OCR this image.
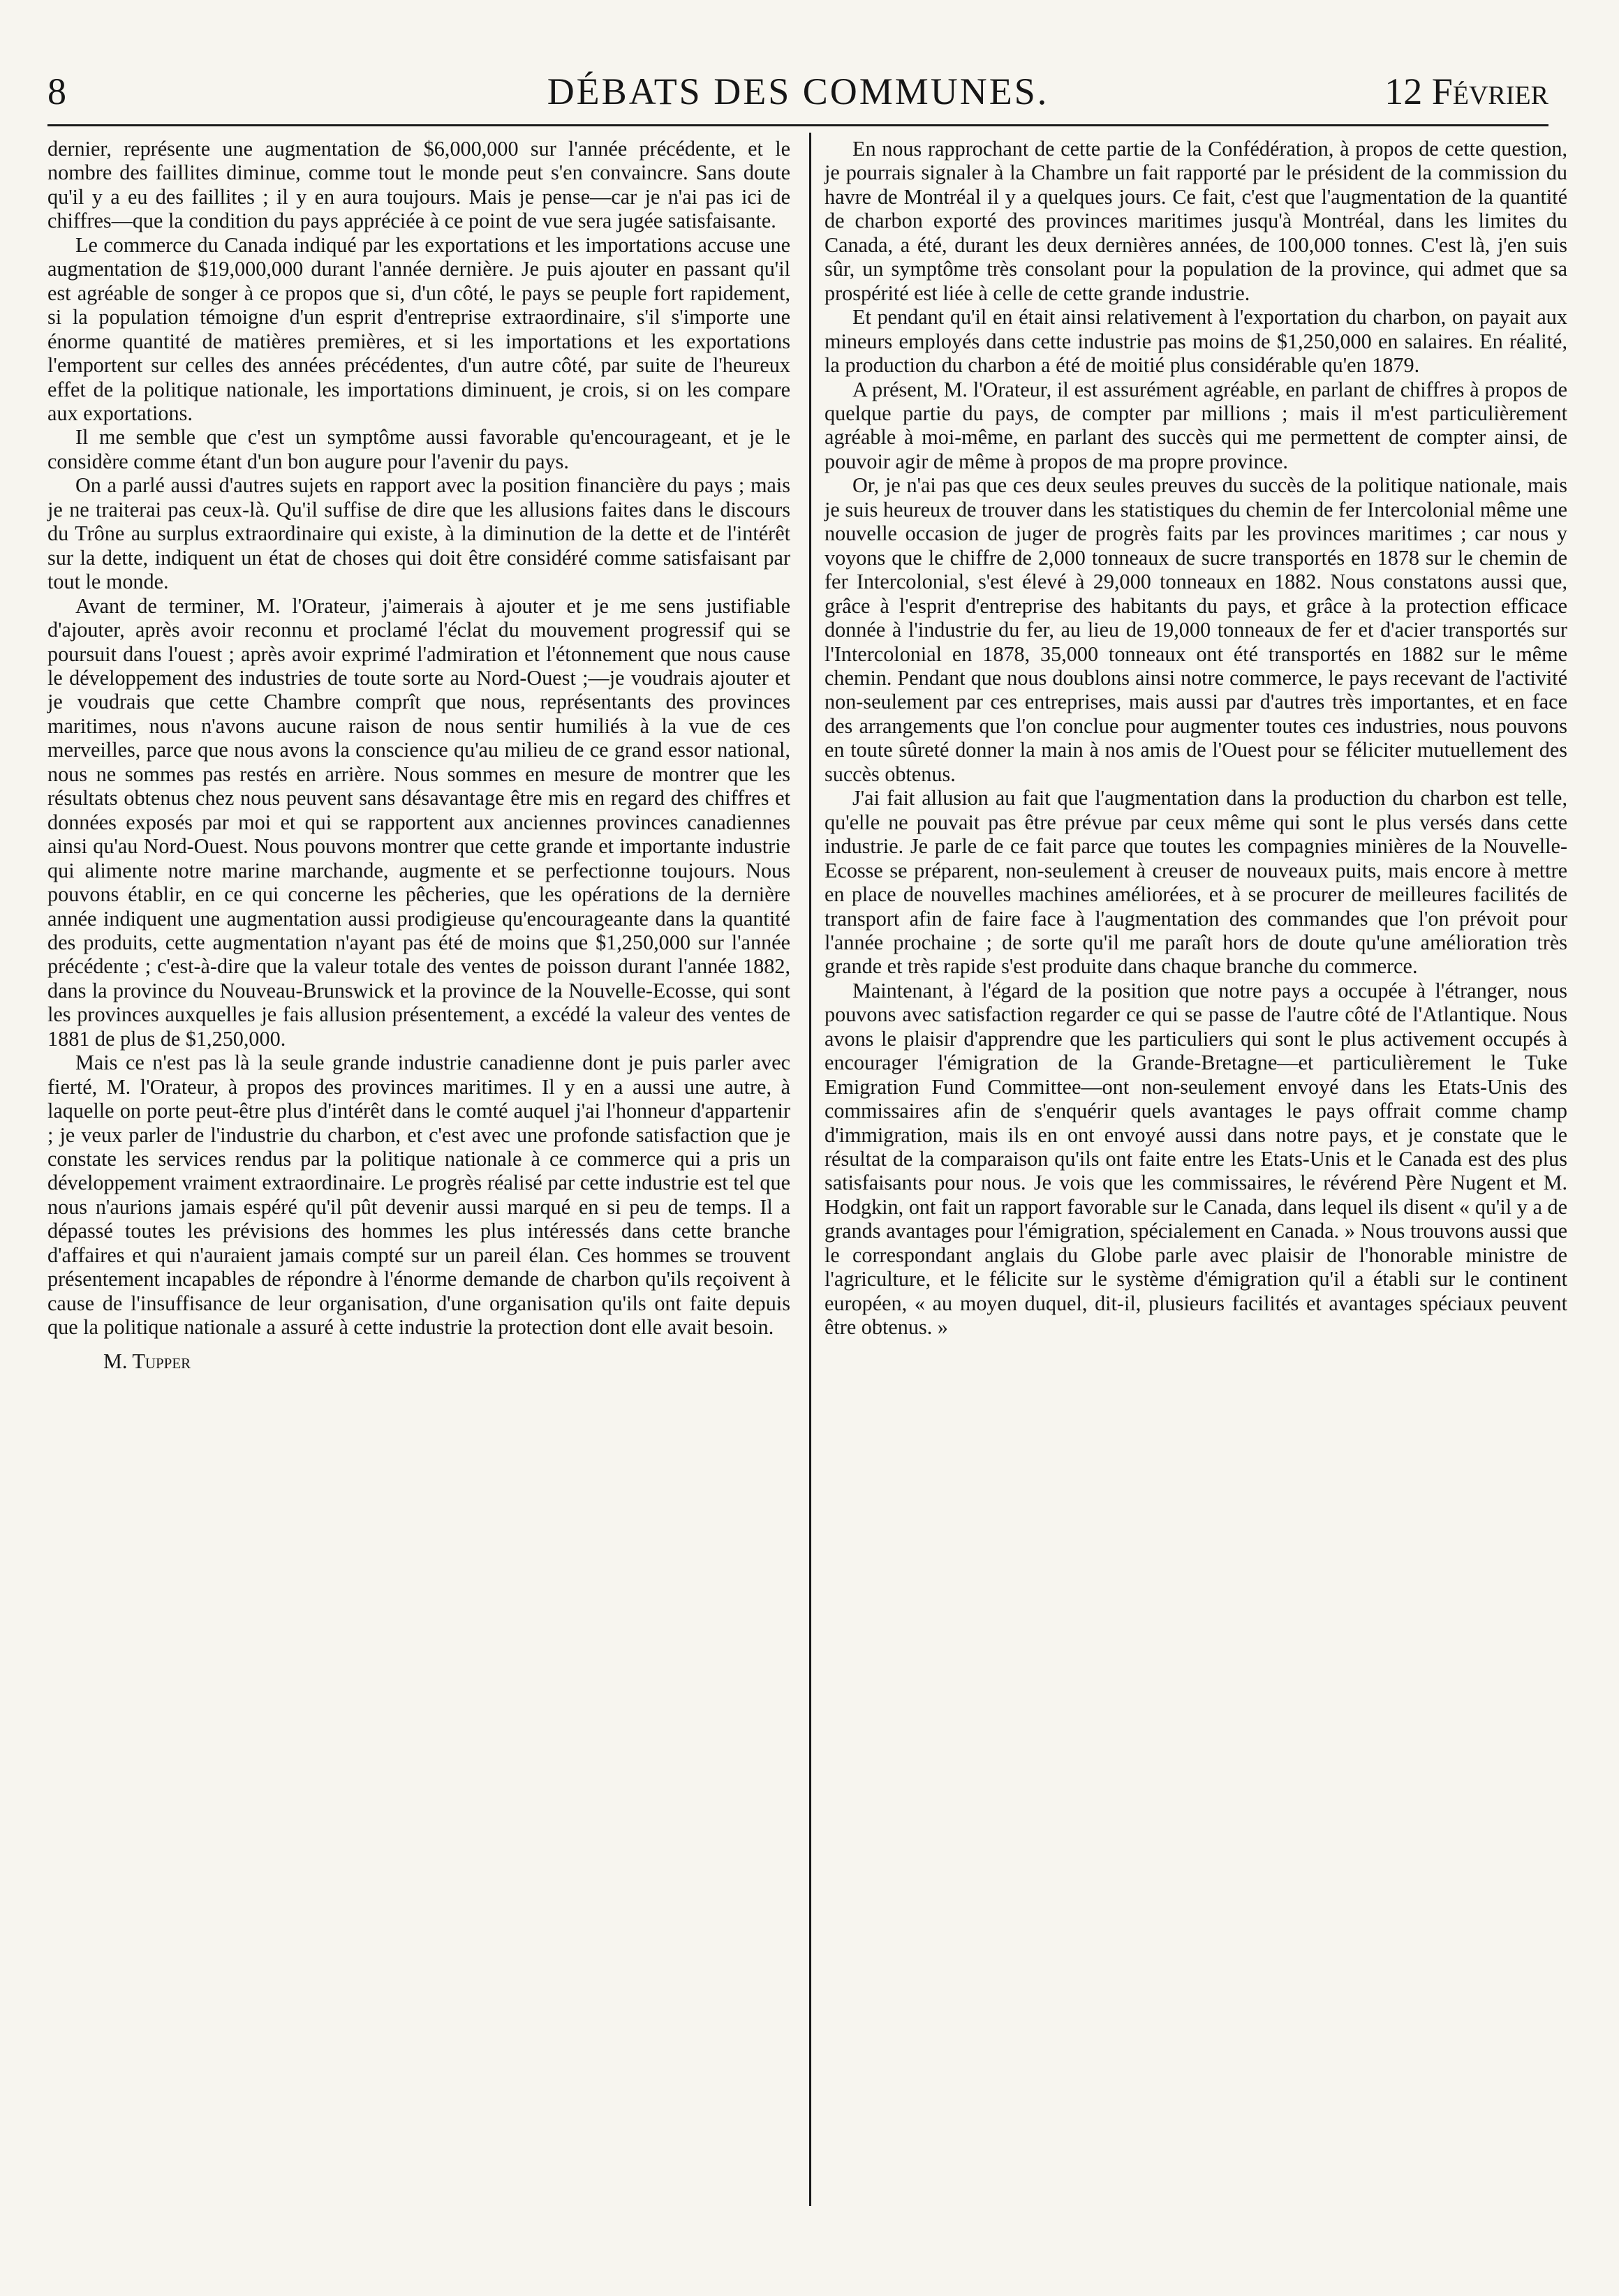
8	DÉBATS DES COMMUNES.	12 Février

dernier, représente une augmentation de $6,000,000 sur l'année précédente, et le nombre des faillites diminue, comme tout le monde peut s'en convaincre. Sans doute qu'il y a eu des faillites ; il y en aura toujours. Mais je pense—car je n'ai pas ici de chiffres—que la condition du pays appréciée à ce point de vue sera jugée satisfaisante.

Le commerce du Canada indiqué par les exportations et les importations accuse une augmentation de $19,000,000 durant l'année dernière. Je puis ajouter en passant qu'il est agréable de songer à ce propos que si, d'un côté, le pays se peuple fort rapidement, si la population témoigne d'un esprit d'entreprise extraordinaire, s'il s'importe une énorme quantité de matières premières, et si les importations et les exportations l'emportent sur celles des années précédentes, d'un autre côté, par suite de l'heureux effet de la politique nationale, les importations diminuent, je crois, si on les compare aux exportations.

Il me semble que c'est un symptôme aussi favorable qu'encourageant, et je le considère comme étant d'un bon augure pour l'avenir du pays.

On a parlé aussi d'autres sujets en rapport avec la position financière du pays ; mais je ne traiterai pas ceux-là. Qu'il suffise de dire que les allusions faites dans le discours du Trône au surplus extraordinaire qui existe, à la diminution de la dette et de l'intérêt sur la dette, indiquent un état de choses qui doit être considéré comme satisfaisant par tout le monde.

Avant de terminer, M. l'Orateur, j'aimerais à ajouter et je me sens justifiable d'ajouter, après avoir reconnu et proclamé l'éclat du mouvement progressif qui se poursuit dans l'ouest ; après avoir exprimé l'admiration et l'étonnement que nous cause le développement des industries de toute sorte au Nord-Ouest ;—je voudrais ajouter et je voudrais que cette Chambre comprît que nous, représentants des provinces maritimes, nous n'avons aucune raison de nous sentir humiliés à la vue de ces merveilles, parce que nous avons la conscience qu'au milieu de ce grand essor national, nous ne sommes pas restés en arrière. Nous sommes en mesure de montrer que les résultats obtenus chez nous peuvent sans désavantage être mis en regard des chiffres et données exposés par moi et qui se rapportent aux anciennes provinces canadiennes ainsi qu'au Nord-Ouest. Nous pouvons montrer que cette grande et importante industrie qui alimente notre marine marchande, augmente et se perfectionne toujours. Nous pouvons établir, en ce qui concerne les pêcheries, que les opérations de la dernière année indiquent une augmentation aussi prodigieuse qu'encourageante dans la quantité des produits, cette augmentation n'ayant pas été de moins que $1,250,000 sur l'année précédente ; c'est-à-dire que la valeur totale des ventes de poisson durant l'année 1882, dans la province du Nouveau-Brunswick et la province de la Nouvelle-Ecosse, qui sont les provinces auxquelles je fais allusion présentement, a excédé la valeur des ventes de 1881 de plus de $1,250,000.

Mais ce n'est pas là la seule grande industrie canadienne dont je puis parler avec fierté, M. l'Orateur, à propos des provinces maritimes. Il y en a aussi une autre, à laquelle on porte peut-être plus d'intérêt dans le comté auquel j'ai l'honneur d'appartenir ; je veux parler de l'industrie du charbon, et c'est avec une profonde satisfaction que je constate les services rendus par la politique nationale à ce commerce qui a pris un développement vraiment extraordinaire. Le progrès réalisé par cette industrie est tel que nous n'aurions jamais espéré qu'il pût devenir aussi marqué en si peu de temps. Il a dépassé toutes les prévisions des hommes les plus intéressés dans cette branche d'affaires et qui n'auraient jamais compté sur un pareil élan. Ces hommes se trouvent présentement incapables de répondre à l'énorme demande de charbon qu'ils reçoivent à cause de l'insuffisance de leur organisation, d'une organisation qu'ils ont faite depuis que la politique nationale a assuré à cette industrie la protection dont elle avait besoin.

M. Tupper

En nous rapprochant de cette partie de la Confédération, à propos de cette question, je pourrais signaler à la Chambre un fait rapporté par le président de la commission du havre de Montréal il y a quelques jours. Ce fait, c'est que l'augmentation de la quantité de charbon exporté des provinces maritimes jusqu'à Montréal, dans les limites du Canada, a été, durant les deux dernières années, de 100,000 tonnes. C'est là, j'en suis sûr, un symptôme très consolant pour la population de la province, qui admet que sa prospérité est liée à celle de cette grande industrie.

Et pendant qu'il en était ainsi relativement à l'exportation du charbon, on payait aux mineurs employés dans cette industrie pas moins de $1,250,000 en salaires. En réalité, la production du charbon a été de moitié plus considérable qu'en 1879.

A présent, M. l'Orateur, il est assurément agréable, en parlant de chiffres à propos de quelque partie du pays, de compter par millions ; mais il m'est particulièrement agréable à moi-même, en parlant des succès qui me permettent de compter ainsi, de pouvoir agir de même à propos de ma propre province.

Or, je n'ai pas que ces deux seules preuves du succès de la politique nationale, mais je suis heureux de trouver dans les statistiques du chemin de fer Intercolonial même une nouvelle occasion de juger de progrès faits par les provinces maritimes ; car nous y voyons que le chiffre de 2,000 tonneaux de sucre transportés en 1878 sur le chemin de fer Intercolonial, s'est élevé à 29,000 tonneaux en 1882. Nous constatons aussi que, grâce à l'esprit d'entreprise des habitants du pays, et grâce à la protection efficace donnée à l'industrie du fer, au lieu de 19,000 tonneaux de fer et d'acier transportés sur l'Intercolonial en 1878, 35,000 tonneaux ont été transportés en 1882 sur le même chemin. Pendant que nous doublons ainsi notre commerce, le pays recevant de l'activité non-seulement par ces entreprises, mais aussi par d'autres très importantes, et en face des arrangements que l'on conclue pour augmenter toutes ces industries, nous pouvons en toute sûreté donner la main à nos amis de l'Ouest pour se féliciter mutuellement des succès obtenus.

J'ai fait allusion au fait que l'augmentation dans la production du charbon est telle, qu'elle ne pouvait pas être prévue par ceux même qui sont le plus versés dans cette industrie. Je parle de ce fait parce que toutes les compagnies minières de la Nouvelle-Ecosse se préparent, non-seulement à creuser de nouveaux puits, mais encore à mettre en place de nouvelles machines améliorées, et à se procurer de meilleures facilités de transport afin de faire face à l'augmentation des commandes que l'on prévoit pour l'année prochaine ; de sorte qu'il me paraît hors de doute qu'une amélioration très grande et très rapide s'est produite dans chaque branche du commerce.

Maintenant, à l'égard de la position que notre pays a occupée à l'étranger, nous pouvons avec satisfaction regarder ce qui se passe de l'autre côté de l'Atlantique. Nous avons le plaisir d'apprendre que les particuliers qui sont le plus activement occupés à encourager l'émigration de la Grande-Bretagne—et particulièrement le Tuke Emigration Fund Committee—ont non-seulement envoyé dans les Etats-Unis des commissaires afin de s'enquérir quels avantages le pays offrait comme champ d'immigration, mais ils en ont envoyé aussi dans notre pays, et je constate que le résultat de la comparaison qu'ils ont faite entre les Etats-Unis et le Canada est des plus satisfaisants pour nous. Je vois que les commissaires, le révérend Père Nugent et M. Hodgkin, ont fait un rapport favorable sur le Canada, dans lequel ils disent « qu'il y a de grands avantages pour l'émigration, spécialement en Canada. » Nous trouvons aussi que le correspondant anglais du Globe parle avec plaisir de l'honorable ministre de l'agriculture, et le félicite sur le système d'émigration qu'il a établi sur le continent européen, « au moyen duquel, dit-il, plusieurs facilités et avantages spéciaux peuvent être obtenus. »
